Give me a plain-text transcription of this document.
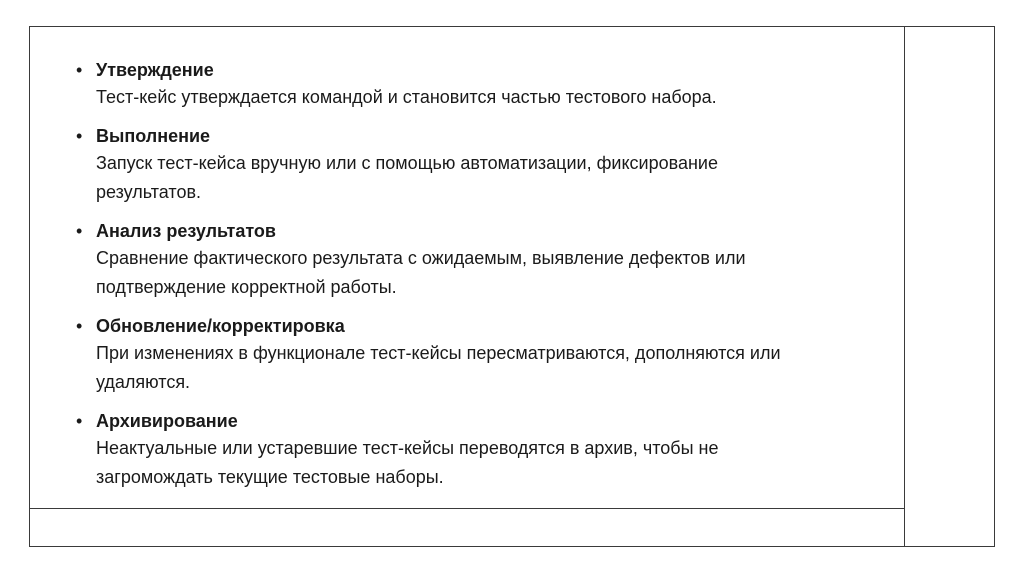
• Утверждение

Тест-кейс утверждается командой и становится частью тестового набора.

• Выполнение

Запуск тест-кейса вручную или с помощью автоматизации, фиксирование результатов.

• Анализ результатов

Сравнение фактического результата с ожидаемым, выявление дефектов или подтверждение корректной работы.

• Обновление/корректировка

При изменениях в функционале тест-кейсы пересматриваются, дополняются или удаляются.

• Архивирование

Неактуальные или устаревшие тест-кейсы переводятся в архив, чтобы не загромождать текущие тестовые наборы.
